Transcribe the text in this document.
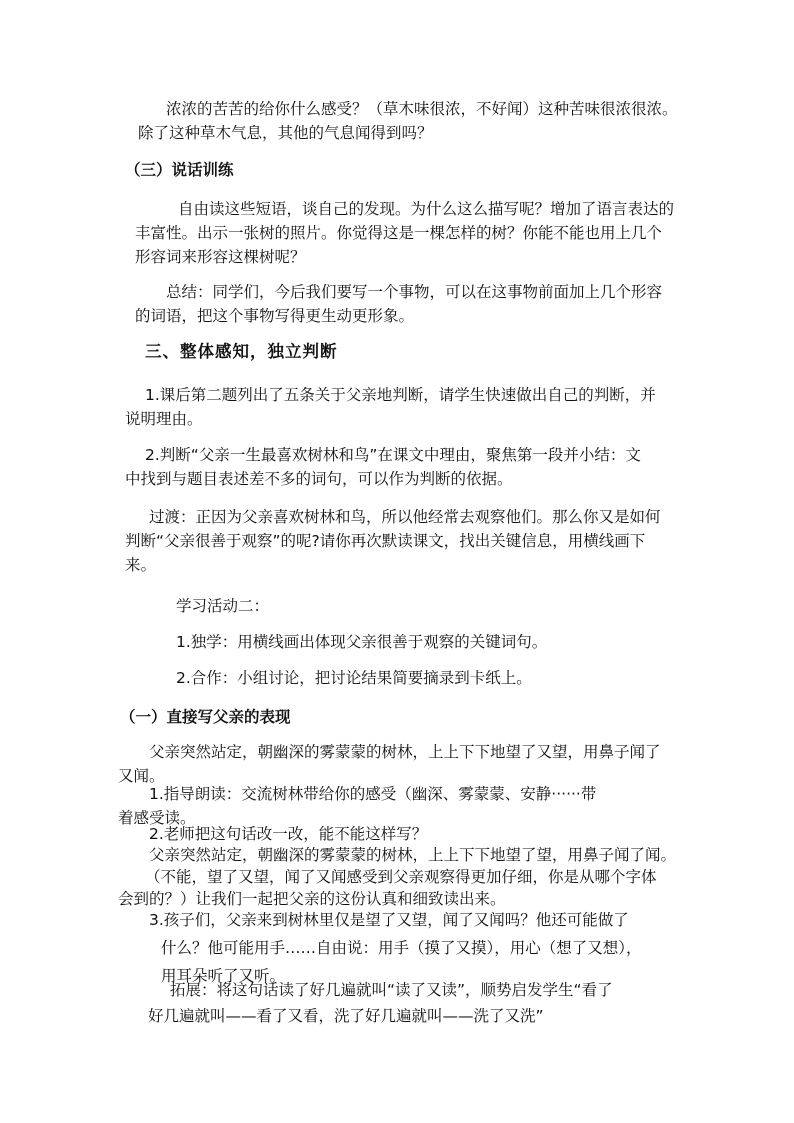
浓浓的苦苦的给你什么感受？（草木味很浓，不好闻）这种苦味很浓很浓。
除了这种草木气息，其他的气息闻得到吗？
（三）说话训练
自由读这些短语，谈自己的发现。为什么这么描写呢？增加了语言表达的
丰富性。出示一张树的照片。你觉得这是一棵怎样的树？你能不能也用上几个
形容词来形容这棵树呢？
总结：同学们，今后我们要写一个事物，可以在这事物前面加上几个形容
的词语，把这个事物写得更生动更形象。
三、整体感知，独立判断
1.课后第二题列出了五条关于父亲地判断，请学生快速做出自己的判断，并
说明理由。
2.判断“父亲一生最喜欢树林和鸟”在课文中理由，聚焦第一段并小结：文
中找到与题目表述差不多的词句，可以作为判断的依据。
过渡：正因为父亲喜欢树林和鸟，所以他经常去观察他们。那么你又是如何
判断“父亲很善于观察”的呢?请你再次默读课文，找出关键信息，用横线画下
来。
学习活动二：
1.独学：用横线画出体现父亲很善于观察的关键词句。
2.合作：小组讨论，把讨论结果简要摘录到卡纸上。
（一）直接写父亲的表现
父亲突然站定，朝幽深的雾蒙蒙的树林，上上下下地望了又望，用鼻子闻了
又闻。
1.指导朗读：交流树林带给你的感受（幽深、雾蒙蒙、安静······带
着感受读。
2.老师把这句话改一改，能不能这样写？
父亲突然站定，朝幽深的雾蒙蒙的树林，上上下下地望了望，用鼻子闻了闻。
（不能，望了又望，闻了又闻感受到父亲观察得更加仔细，你是从哪个字体
会到的？）让我们一起把父亲的这份认真和细致读出来。
3.孩子们，父亲来到树林里仅是望了又望，闻了又闻吗？他还可能做了
什么？他可能用手……自由说：用手（摸了又摸），用心（想了又想），
用耳朵听了又听。
拓展：将这句话读了好几遍就叫“读了又读”，顺势启发学生“看了
好几遍就叫——看了又看，洗了好几遍就叫——洗了又洗”
